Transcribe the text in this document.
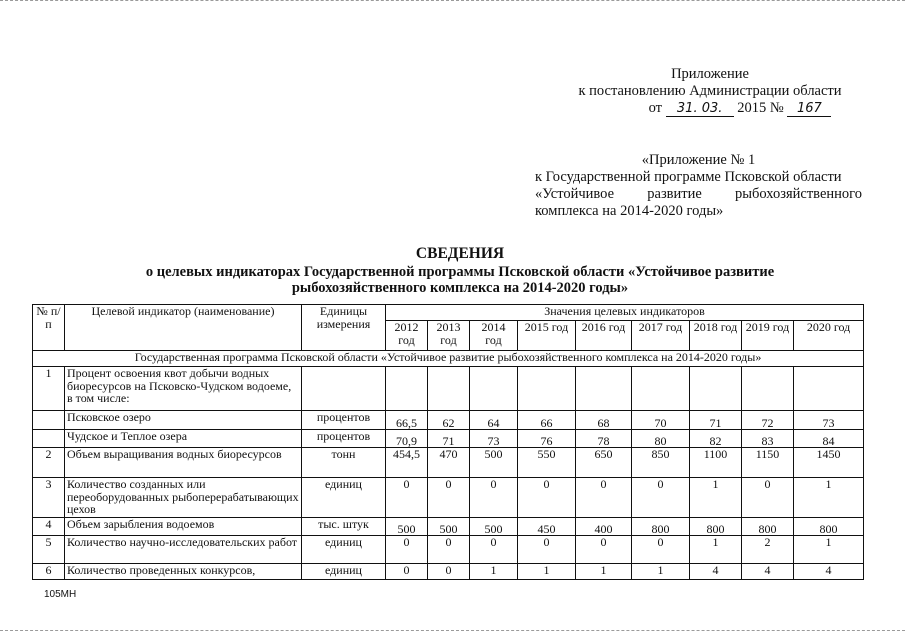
Приложение
к постановлению Администрации области
от 31. 03. 2015 № 167
«Приложение № 1
к Государственной программе Псковской области
«Устойчивое развитие рыбохозяйственного
комплекса на 2014-2020 годы»
СВЕДЕНИЯ
о целевых индикаторах Государственной программы Псковской области «Устойчивое развитие
рыбохозяйственного комплекса на 2014-2020 годы»
№ п/п	Целевой индикатор (наименование)	Единицы измерения	Значения целевых индикаторов								
			2012 год	2013 год	2014 год	2015 год	2016 год	2017 год	2018 год	2019 год	2020 год
Государственная программа Псковской области «Устойчивое развитие рыбохозяйственного комплекса на 2014-2020 годы»											
1	Процент освоения квот добычи водных биоресурсов на Псковско-Чудском водоеме, в том числе:										
	Псковское озеро	процентов	66,5	62	64	66	68	70	71	72	73
	Чудское и Теплое озера	процентов	70,9	71	73	76	78	80	82	83	84
2	Объем выращивания водных биоресурсов	тонн	454,5	470	500	550	650	850	1100	1150	1450
3	Количество созданных или переоборудованных рыбоперерабатывающих цехов	единиц	0	0	0	0	0	0	1	0	1
4	Объем зарыбления водоемов	тыс. штук	500	500	500	450	400	800	800	800	800
5	Количество научно-исследовательских работ	единиц	0	0	0	0	0	0	1	2	1
6	Количество проведенных конкурсов,	единиц	0	0	1	1	1	1	4	4	4
105МН
